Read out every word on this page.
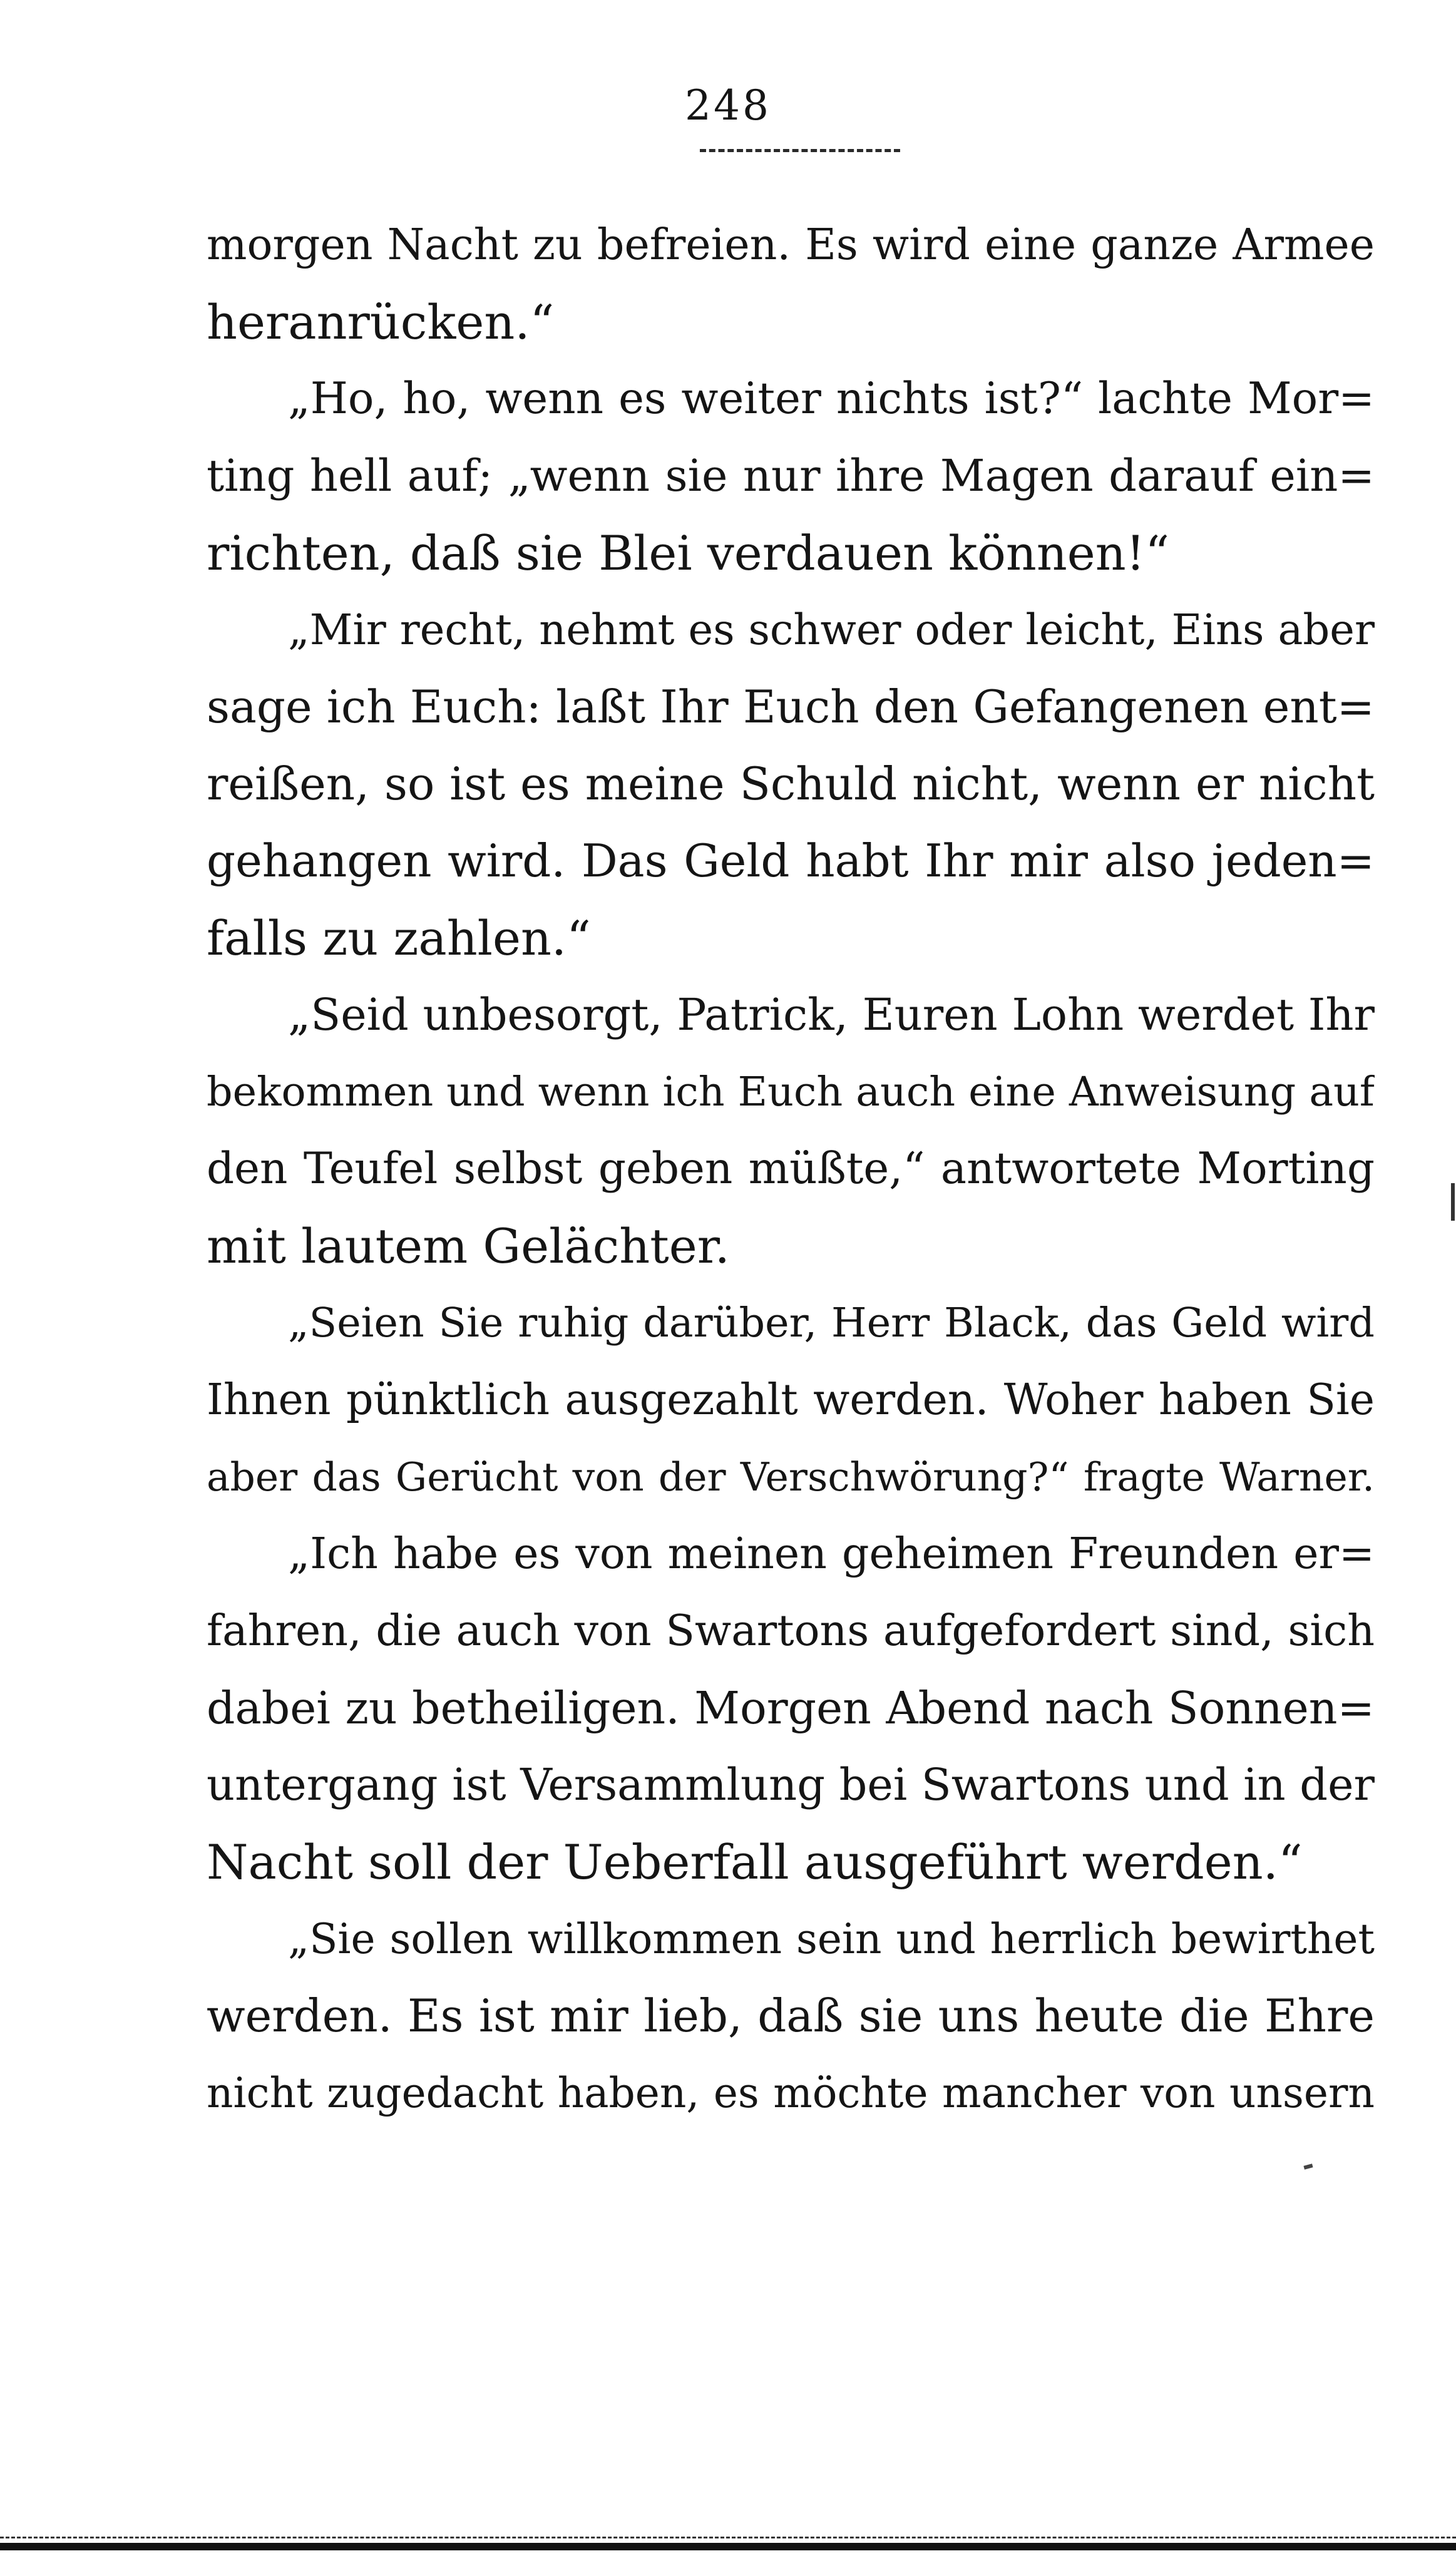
248
morgen Nacht zu befreien. Es wird eine ganze Armee
heranrücken.“
„Ho, ho, wenn es weiter nichts ist?“ lachte Mor=
ting hell auf; „wenn sie nur ihre Magen darauf ein=
richten, daß sie Blei verdauen können!“
„Mir recht, nehmt es schwer oder leicht, Eins aber
sage ich Euch: laßt Ihr Euch den Gefangenen ent=
reißen, so ist es meine Schuld nicht, wenn er nicht
gehangen wird. Das Geld habt Ihr mir also jeden=
falls zu zahlen.“
„Seid unbesorgt, Patrick, Euren Lohn werdet Ihr
bekommen und wenn ich Euch auch eine Anweisung auf
den Teufel selbst geben müßte,“ antwortete Morting
mit lautem Gelächter.
„Seien Sie ruhig darüber, Herr Black, das Geld wird
Ihnen pünktlich ausgezahlt werden. Woher haben Sie
aber das Gerücht von der Verschwörung?“ fragte Warner.
„Ich habe es von meinen geheimen Freunden er=
fahren, die auch von Swartons aufgefordert sind, sich
dabei zu betheiligen. Morgen Abend nach Sonnen=
untergang ist Versammlung bei Swartons und in der
Nacht soll der Ueberfall ausgeführt werden.“
„Sie sollen willkommen sein und herrlich bewirthet
werden. Es ist mir lieb, daß sie uns heute die Ehre
nicht zugedacht haben, es möchte mancher von unsern
